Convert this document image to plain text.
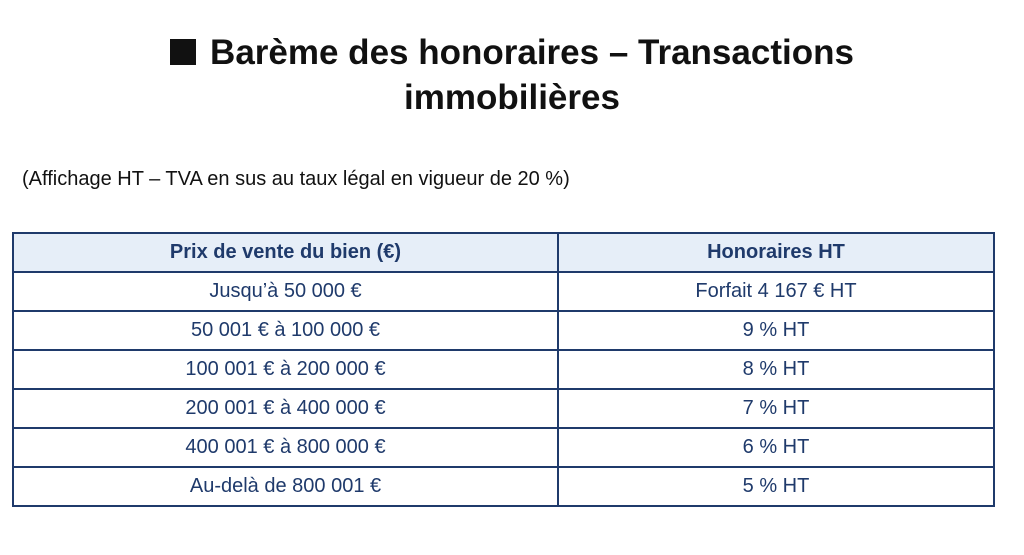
Barème des honoraires – Transactions
immobilières
(Affichage HT – TVA en sus au taux légal en vigueur de 20 %)
Prix de vente du bien (€)	Honoraires HT
Jusqu’à 50 000 €	Forfait 4 167 € HT
50 001 € à 100 000 €	9 % HT
100 001 € à 200 000 €	8 % HT
200 001 € à 400 000 €	7 % HT
400 001 € à 800 000 €	6 % HT
Au-delà de 800 001 €	5 % HT
